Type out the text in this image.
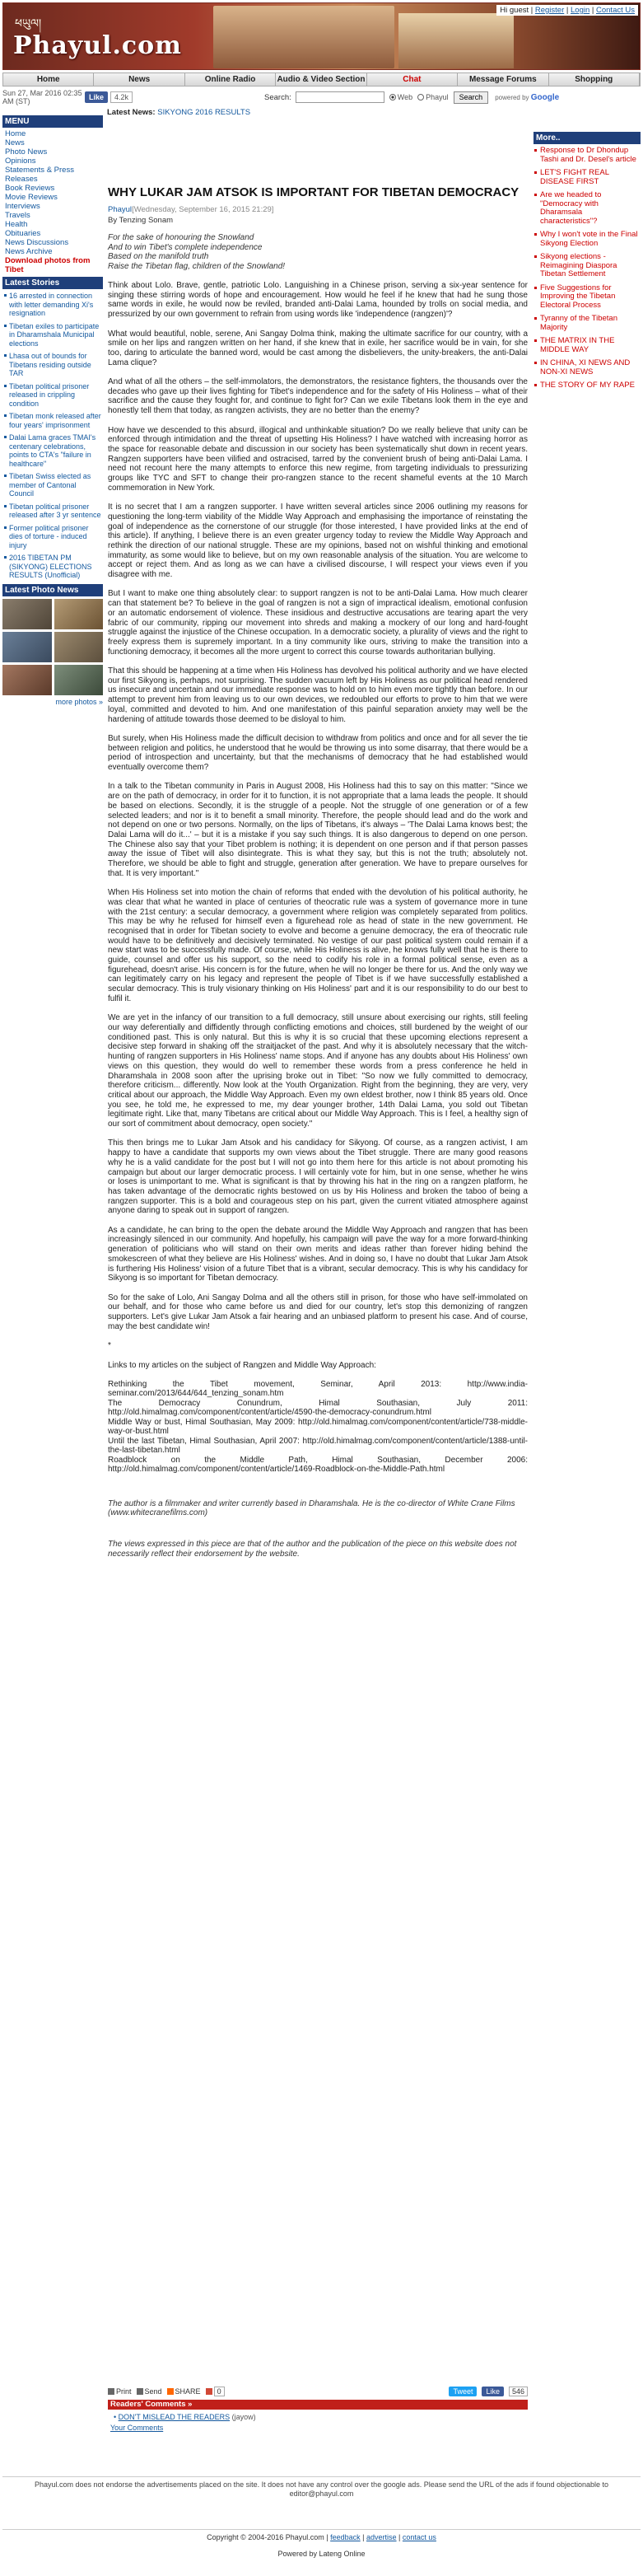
ཕཡུལ།
Phayul.com
Hi guest | Register | Login | Contact Us
Home	News	Online Radio	Audio & Video Section	Chat	Message Forums	Shopping
Sun 27, Mar 2016 02:35 AM (ST)	Like	4.2k	Search:	Web Phayul	Search	powered by Google
Latest News: SIKYONG 2016 RESULTS
MENU
Home
News
Photo News
Opinions
Statements & Press Releases
Book Reviews
Movie Reviews
Interviews
Travels
Health
Obituaries
News Discussions
News Archive
Download photos from Tibet
Latest Stories
16 arrested in connection with letter demanding Xi's resignation
Tibetan exiles to participate in Dharamshala Municipal elections
Lhasa out of bounds for Tibetans residing outside TAR
Tibetan political prisoner released in crippling condition
Tibetan monk released after four years' imprisonment
Dalai Lama graces TMAI's centenary celebrations, points to CTA's "failure in healthcare"
Tibetan Swiss elected as member of Cantonal Council
Tibetan political prisoner released after 3 yr sentence
Former political prisoner dies of torture - induced injury
2016 TIBETAN PM (SIKYONG) ELECTIONS RESULTS (Unofficial)
Latest Photo News
more photos »
More..
Response to Dr Dhondup Tashi and Dr. Desel's article
LET'S FIGHT REAL DISEASE FIRST
Are we headed to "Democracy with Dharamsala characteristics"?
Why I won't vote in the Final Sikyong Election
Sikyong elections - Reimagining Diaspora Tibetan Settlement
Five Suggestions for Improving the Tibetan Electoral Process
Tyranny of the Tibetan Majority
THE MATRIX IN THE MIDDLE WAY
IN CHINA, XI NEWS AND NON-XI NEWS
THE STORY OF MY RAPE
WHY LUKAR JAM ATSOK IS IMPORTANT FOR TIBETAN DEMOCRACY
Phayul[Wednesday, September 16, 2015 21:29]
By Tenzing Sonam
For the sake of honouring the Snowland
And to win Tibet's complete independence
Based on the manifold truth
Raise the Tibetan flag, children of the Snowland!

Think about Lolo. Brave, gentle, patriotic Lolo. Languishing in a Chinese prison, serving a six-year sentence for singing these stirring words of hope and encouragement. How would he feel if he knew that had he sung those same words in exile, he would now be reviled, branded anti-Dalai Lama, hounded by trolls on social media, and pressurized by our own government to refrain from using words like 'independence (rangzen)'?

What would beautiful, noble, serene, Ani Sangay Dolma think, making the ultimate sacrifice for our country, with a smile on her lips and rangzen written on her hand, if she knew that in exile, her sacrifice would be in vain, for she too, daring to articulate the banned word, would be cast among the disbelievers, the unity-breakers, the anti-Dalai Lama clique?

And what of all the others – the self-immolators, the demonstrators, the resistance fighters, the thousands over the decades who gave up their lives fighting for Tibet's independence and for the safety of His Holiness – what of their sacrifice and the cause they fought for, and continue to fight for? Can we exile Tibetans look them in the eye and honestly tell them that today, as rangzen activists, they are no better than the enemy?

How have we descended to this absurd, illogical and unthinkable situation? Do we really believe that unity can be enforced through intimidation and the threat of upsetting His Holiness? I have watched with increasing horror as the space for reasonable debate and discussion in our society has been systematically shut down in recent years. Rangzen supporters have been vilified and ostracised, tarred by the convenient brush of being anti-Dalai Lama. I need not recount here the many attempts to enforce this new regime, from targeting individuals to pressurizing groups like TYC and SFT to change their pro-rangzen stance to the recent shameful events at the 10 March commemoration in New York.

It is no secret that I am a rangzen supporter. I have written several articles since 2006 outlining my reasons for questioning the long-term viability of the Middle Way Approach and emphasising the importance of reinstating the goal of independence as the cornerstone of our struggle (for those interested, I have provided links at the end of this article). If anything, I believe there is an even greater urgency today to review the Middle Way Approach and rethink the direction of our national struggle. These are my opinions, based not on wishful thinking and emotional immaturity, as some would like to believe, but on my own reasonable analysis of the situation. You are welcome to accept or reject them. And as long as we can have a civilised discourse, I will respect your views even if you disagree with me.

But I want to make one thing absolutely clear: to support rangzen is not to be anti-Dalai Lama. How much clearer can that statement be? To believe in the goal of rangzen is not a sign of impractical idealism, emotional confusion or an automatic endorsement of violence. These insidious and destructive accusations are tearing apart the very fabric of our community, ripping our movement into shreds and making a mockery of our long and hard-fought struggle against the injustice of the Chinese occupation. In a democratic society, a plurality of views and the right to freely express them is supremely important. In a tiny community like ours, striving to make the transition into a functioning democracy, it becomes all the more urgent to correct this course towards authoritarian bullying.

That this should be happening at a time when His Holiness has devolved his political authority and we have elected our first Sikyong is, perhaps, not surprising. The sudden vacuum left by His Holiness as our political head rendered us insecure and uncertain and our immediate response was to hold on to him even more tightly than before. In our attempt to prevent him from leaving us to our own devices, we redoubled our efforts to prove to him that we were loyal, committed and devoted to him. And one manifestation of this painful separation anxiety may well be the hardening of attitude towards those deemed to be disloyal to him.

But surely, when His Holiness made the difficult decision to withdraw from politics and once and for all sever the tie between religion and politics, he understood that he would be throwing us into some disarray, that there would be a period of introspection and uncertainty, but that the mechanisms of democracy that he had established would eventually overcome them?

In a talk to the Tibetan community in Paris in August 2008, His Holiness had this to say on this matter: "Since we are on the path of democracy, in order for it to function, it is not appropriate that a lama leads the people. It should be based on elections. Secondly, it is the struggle of a people. Not the struggle of one generation or of a few selected leaders; and nor is it to benefit a small minority. Therefore, the people should lead and do the work and not depend on one or two persons. Normally, on the lips of Tibetans, it's always – 'The Dalai Lama knows best; the Dalai Lama will do it...' – but it is a mistake if you say such things. It is also dangerous to depend on one person. The Chinese also say that your Tibet problem is nothing; it is dependent on one person and if that person passes away the issue of Tibet will also disintegrate. This is what they say, but this is not the truth; absolutely not. Therefore, we should be able to fight and struggle, generation after generation. We have to prepare ourselves for that. It is very important."

When His Holiness set into motion the chain of reforms that ended with the devolution of his political authority, he was clear that what he wanted in place of centuries of theocratic rule was a system of governance more in tune with the 21st century: a secular democracy, a government where religion was completely separated from politics. This may be why he refused for himself even a figurehead role as head of state in the new government. He recognised that in order for Tibetan society to evolve and become a genuine democracy, the era of theocratic rule would have to be definitively and decisively terminated. No vestige of our past political system could remain if a new start was to be successfully made. Of course, while His Holiness is alive, he knows fully well that he is there to guide, counsel and offer us his support, so the need to codify his role in a formal political sense, even as a figurehead, doesn't arise. His concern is for the future, when he will no longer be there for us. And the only way we can legitimately carry on his legacy and represent the people of Tibet is if we have successfully established a secular democracy. This is truly visionary thinking on His Holiness' part and it is our responsibility to do our best to fulfil it.

We are yet in the infancy of our transition to a full democracy, still unsure about exercising our rights, still feeling our way deferentially and diffidently through conflicting emotions and choices, still burdened by the weight of our conditioned past. This is only natural. But this is why it is so crucial that these upcoming elections represent a decisive step forward in shaking off the straitjacket of the past. And why it is absolutely necessary that the witch-hunting of rangzen supporters in His Holiness' name stops. And if anyone has any doubts about His Holiness' own views on this question, they would do well to remember these words from a press conference he held in Dharamshala in 2008 soon after the uprising broke out in Tibet: "So now we fully committed to democracy, therefore criticism... differently. Now look at the Youth Organization. Right from the beginning, they are very, very critical about our approach, the Middle Way Approach. Even my own eldest brother, now I think 85 years old. Once you see, he told me, he expressed to me, my dear younger brother, 14th Dalai Lama, you sold out Tibetan legitimate right. Like that, many Tibetans are critical about our Middle Way Approach. This is I feel, a healthy sign of our sort of commitment about democracy, open society."

This then brings me to Lukar Jam Atsok and his candidacy for Sikyong. Of course, as a rangzen activist, I am happy to have a candidate that supports my own views about the Tibet struggle. There are many good reasons why he is a valid candidate for the post but I will not go into them here for this article is not about promoting his campaign but about our larger democratic process. I will certainly vote for him, but in one sense, whether he wins or loses is unimportant to me. What is significant is that by throwing his hat in the ring on a rangzen platform, he has taken advantage of the democratic rights bestowed on us by His Holiness and broken the taboo of being a rangzen supporter. This is a bold and courageous step on his part, given the current vitiated atmosphere against anyone daring to speak out in support of rangzen.

As a candidate, he can bring to the open the debate around the Middle Way Approach and rangzen that has been increasingly silenced in our community. And hopefully, his campaign will pave the way for a more forward-thinking generation of politicians who will stand on their own merits and ideas rather than forever hiding behind the smokescreen of what they believe are His Holiness' wishes. And in doing so, I have no doubt that Lukar Jam Atsok is furthering His Holiness' vision of a future Tibet that is a vibrant, secular democracy. This is why his candidacy for Sikyong is so important for Tibetan democracy.

So for the sake of Lolo, Ani Sangay Dolma and all the others still in prison, for those who have self-immolated on our behalf, and for those who came before us and died for our country, let's stop this demonizing of rangzen supporters. Let's give Lukar Jam Atsok a fair hearing and an unbiased platform to present his case. And of course, may the best candidate win!

*

Links to my articles on the subject of Rangzen and Middle Way Approach:
Rethinking the Tibet movement, Seminar, April 2013: http://www.india-seminar.com/2013/644/644_tenzing_sonam.htm
The Democracy Conundrum, Himal Southasian, July 2011: http://old.himalmag.com/component/content/article/4590-the-democracy-conundrum.html
Middle Way or bust, Himal Southasian, May 2009: http://old.himalmag.com/component/content/article/738-middle-way-or-bust.html
Until the last Tibetan, Himal Southasian, April 2007: http://old.himalmag.com/component/content/article/1388-until-the-last-tibetan.html
Roadblock on the Middle Path, Himal Southasian, December 2006: http://old.himalmag.com/component/content/article/1469-Roadblock-on-the-Middle-Path.html
The author is a filmmaker and writer currently based in Dharamshala. He is the co-director of White Crane Films (www.whitecranefilms.com)
The views expressed in this piece are that of the author and the publication of the piece on this website does not necessarily reflect their endorsement by the website.
Print Send SHARE	0	Tweet	Like	546
Readers' Comments »
• DON'T MISLEAD THE READERS (jayow)
Your Comments
Phayul.com does not endorse the advertisements placed on the site. It does not have any control over the google ads. Please send the URL of the ads if found objectionable to editor@phayul.com
Copyright © 2004-2016 Phayul.com | feedback | advertise | contact us
Powered by Lateng Online
